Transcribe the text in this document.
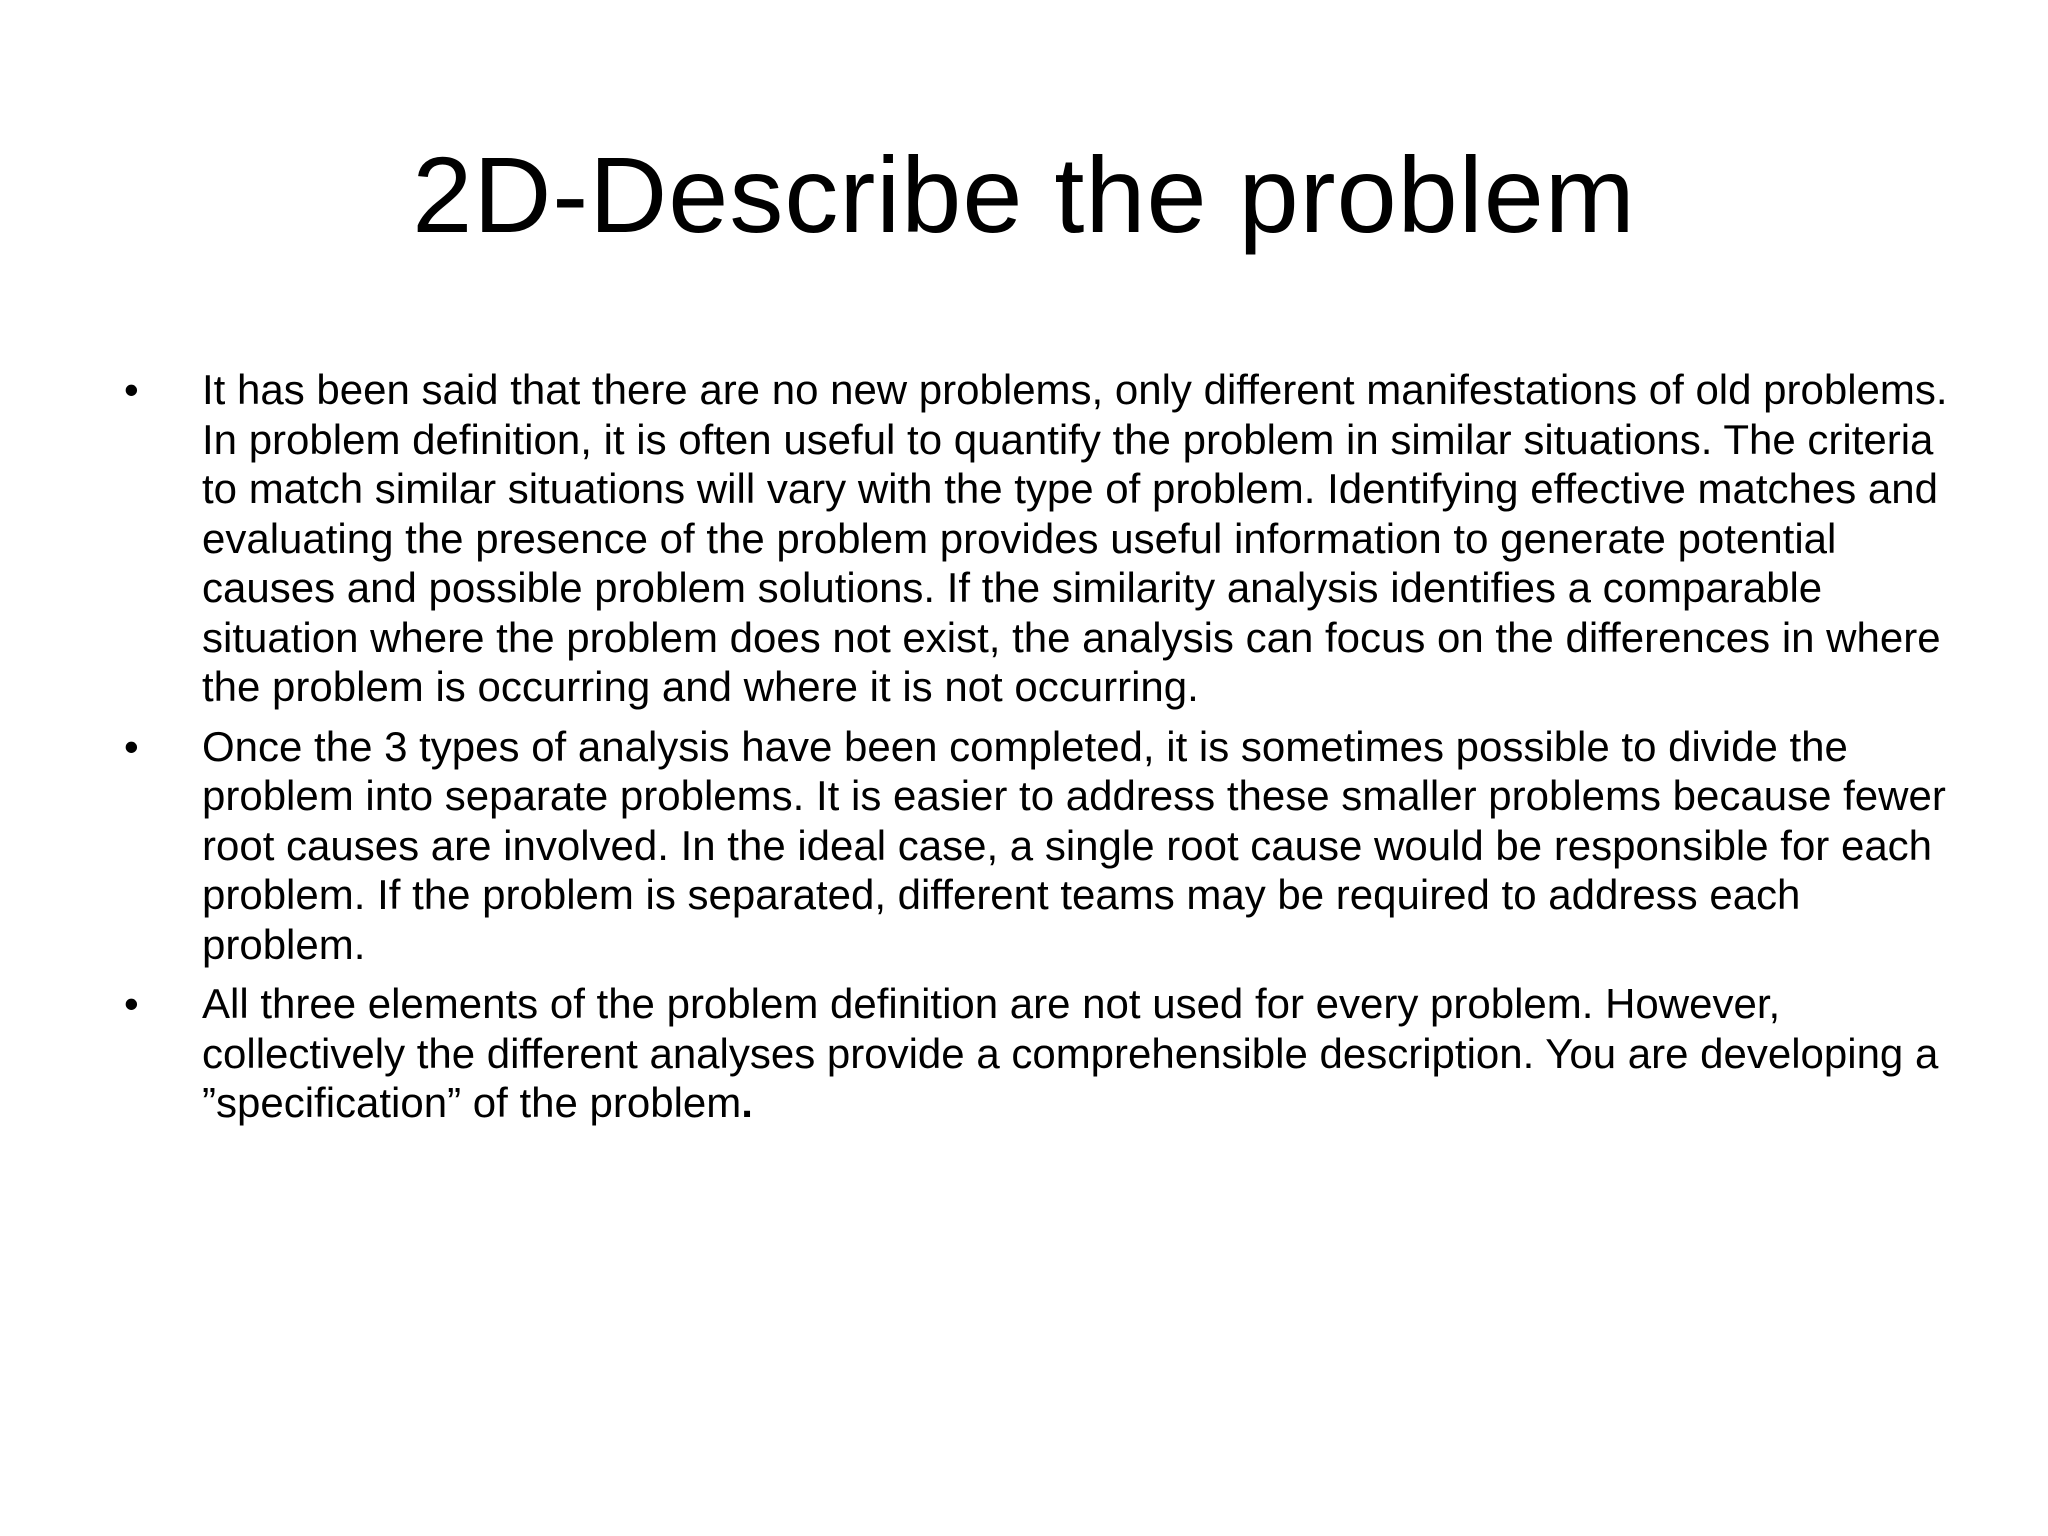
2D-Describe the problem
•	It has been said that there are no new problems, only different manifestations of old problems. In problem definition, it is often useful to quantify the problem in similar situations. The criteria to match similar situations will vary with the type of problem. Identifying effective matches and evaluating the presence of the problem provides useful information to generate potential causes and possible problem solutions. If the similarity analysis identifies a comparable situation where the problem does not exist, the analysis can focus on the differences in where the problem is occurring and where it is not occurring.
•	Once the 3 types of analysis have been completed, it is sometimes possible to divide the problem into separate problems. It is easier to address these smaller problems because fewer root causes are involved. In the ideal case, a single root cause would be responsible for each problem. If the problem is separated, different teams may be required to address each problem.
•	All three elements of the problem definition are not used for every problem. However, collectively the different analyses provide a comprehensible description. You are developing a ”specification” of the problem.
